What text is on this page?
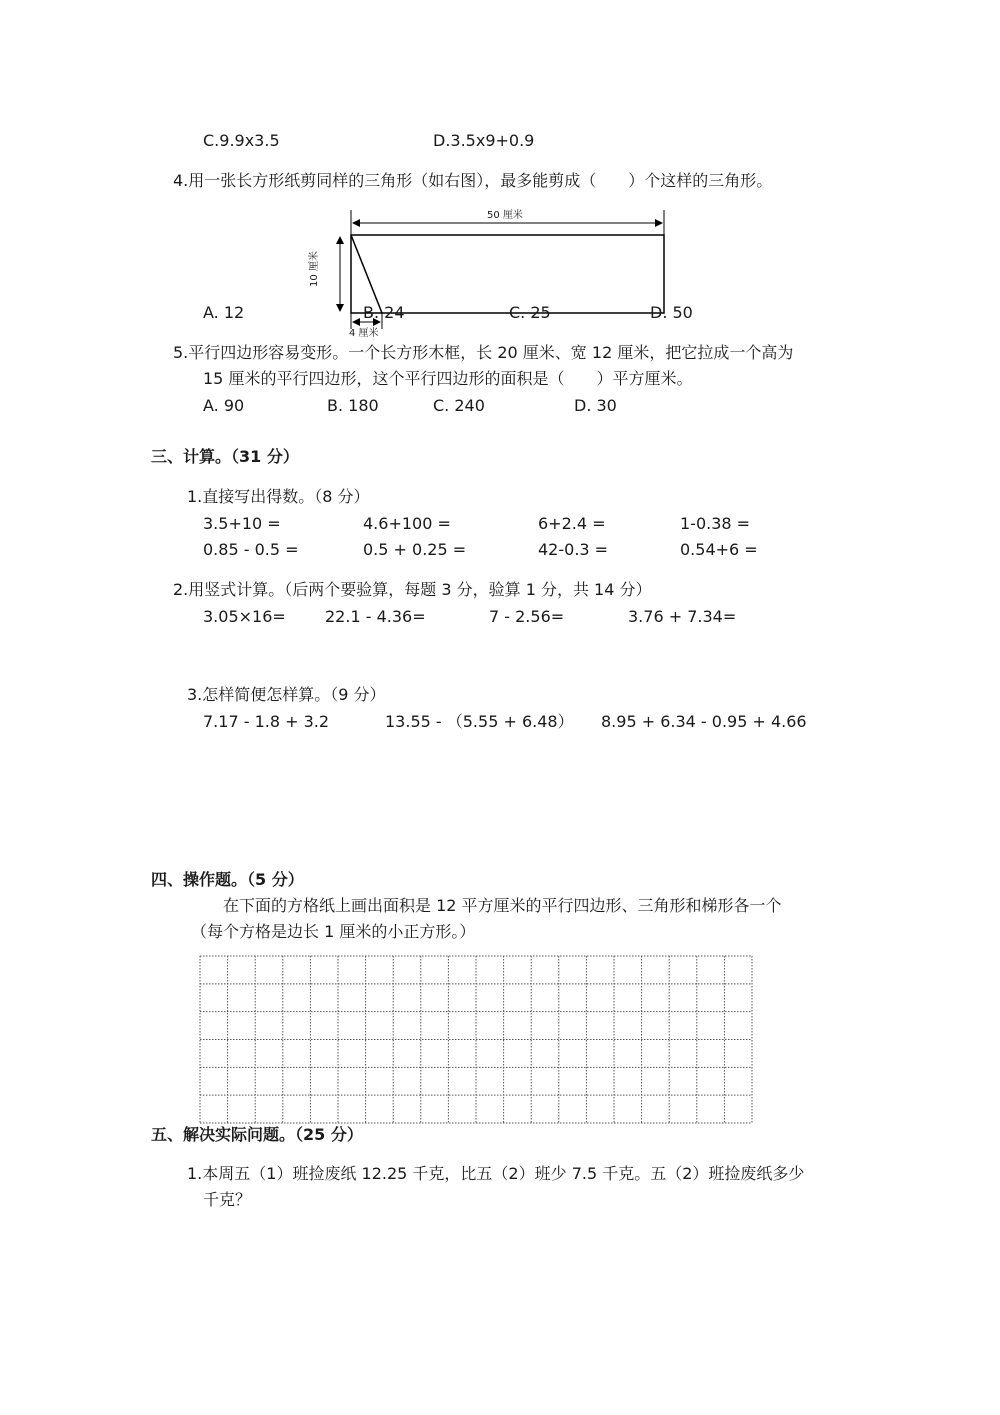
C.9.9x3.5	D.3.5x9+0.9
4.用一张长方形纸剪同样的三角形（如右图），最多能剪成（　　）个这样的三角形。
50 厘米
10 厘米
4 厘米
A. 12	B. 24	C. 25	D. 50
5.平行四边形容易变形。一个长方形木框，长 20 厘米、宽 12 厘米，把它拉成一个高为
15 厘米的平行四边形，这个平行四边形的面积是（　　）平方厘米。
A. 90	B. 180	C. 240	D. 30
三、计算。（31 分）
1.直接写出得数。（8 分）
3.5+10 =	4.6+100 =	6+2.4 =	1-0.38 =
0.85 - 0.5 =	0.5 + 0.25 =	42-0.3 =	0.54+6 =
2.用竖式计算。（后两个要验算，每题 3 分，验算 1 分，共 14 分）
3.05×16= 22.1 - 4.36=	7 - 2.56=	3.76 + 7.34=
3.怎样简便怎样算。（9 分）
7.17 - 1.8 + 3.2	13.55 - （5.55 + 6.48） 8.95 + 6.34 - 0.95 + 4.66
四、操作题。（5 分）
在下面的方格纸上画出面积是 12 平方厘米的平行四边形、三角形和梯形各一个
（每个方格是边长 1 厘米的小正方形。）
五、解决实际问题。（25 分）
1.本周五（1）班捡废纸 12.25 千克，比五（2）班少 7.5 千克。五（2）班捡废纸多少
千克？
